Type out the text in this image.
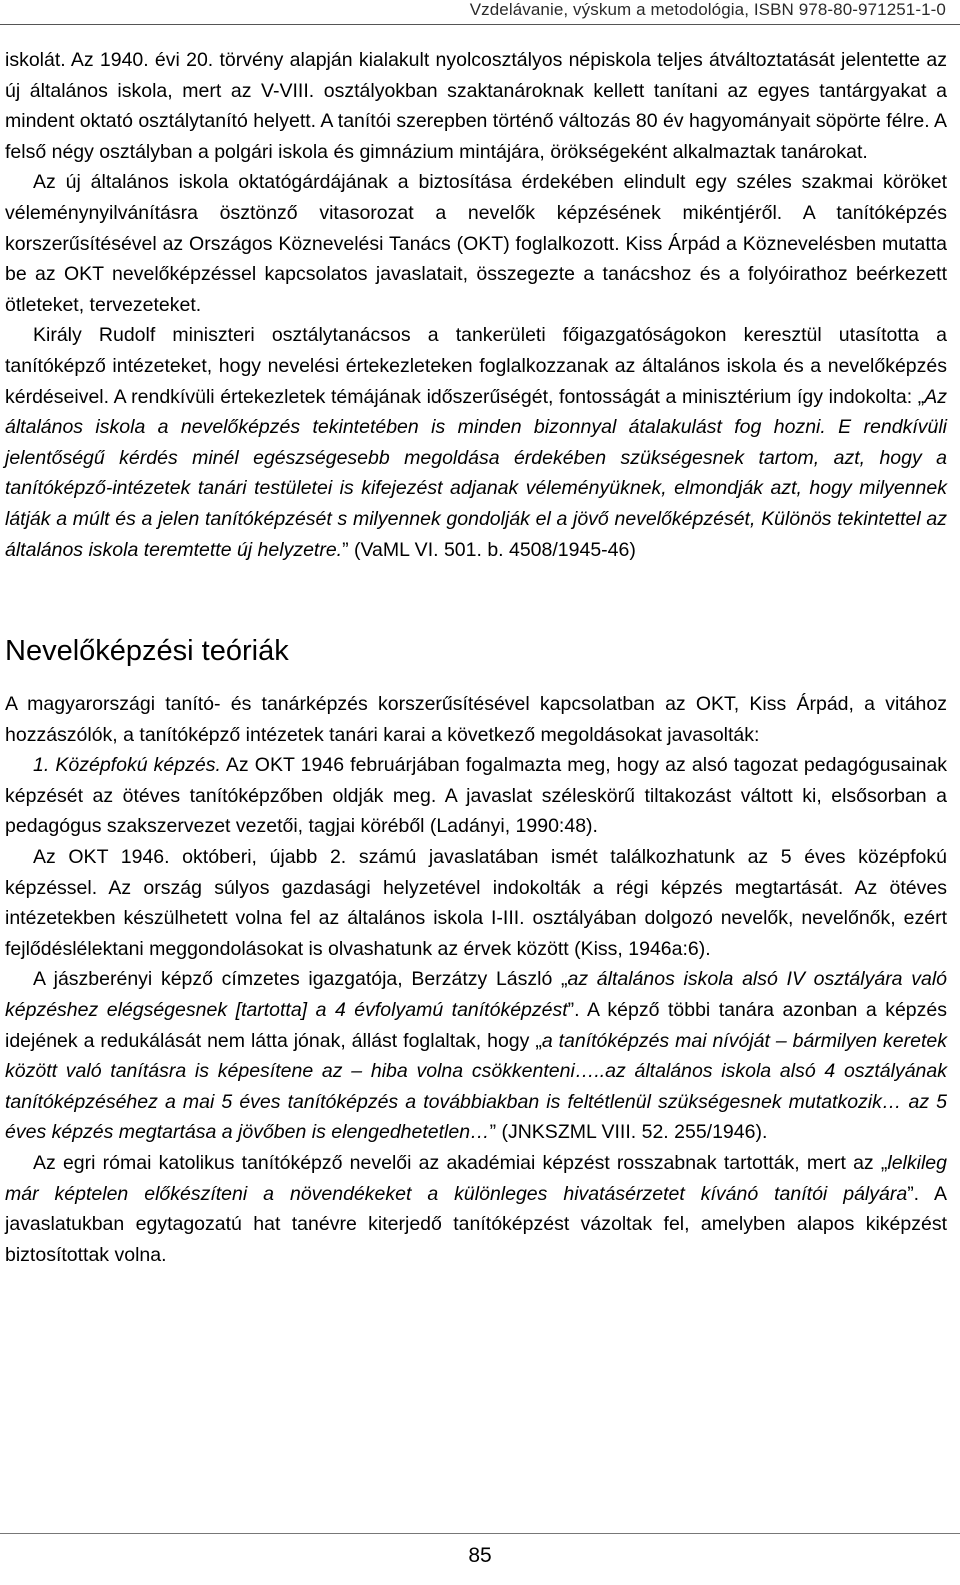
Vzdelávanie, výskum a metodológia, ISBN 978-80-971251-1-0

iskolát. Az 1940. évi 20. törvény alapján kialakult nyolcosztályos népiskola teljes átváltoztatását jelentette az új általános iskola, mert az V-VIII. osztályokban szaktanároknak kellett tanítani az egyes tantárgyakat a mindent oktató osztálytanító helyett. A tanítói szerepben történő változás 80 év hagyományait söpörte félre. A felső négy osztályban a polgári iskola és gimnázium mintájára, örökségeként alkalmaztak tanárokat.

Az új általános iskola oktatógárdájának a biztosítása érdekében elindult egy széles szakmai köröket véleménynyilvánításra ösztönző vitasorozat a nevelők képzésének mikéntjéről. A tanítóképzés korszerűsítésével az Országos Köznevelési Tanács (OKT) foglalkozott. Kiss Árpád a Köznevelésben mutatta be az OKT nevelőképzéssel kapcsolatos javaslatait, összegezte a tanácshoz és a folyóirathoz beérkezett ötleteket, tervezeteket.

Király Rudolf miniszteri osztálytanácsos a tankerületi főigazgatóságokon keresztül utasította a tanítóképző intézeteket, hogy nevelési értekezleteken foglalkozzanak az általános iskola és a nevelőképzés kérdéseivel. A rendkívüli értekezletek témájának időszerűségét, fontosságát a minisztérium így indokolta: „Az általános iskola a nevelőképzés tekintetében is minden bizonnyal átalakulást fog hozni. E rendkívüli jelentőségű kérdés minél egészségesebb megoldása érdekében szükségesnek tartom, azt, hogy a tanítóképző-intézetek tanári testületei is kifejezést adjanak véleményüknek, elmondják azt, hogy milyennek látják a múlt és a jelen tanítóképzését s milyennek gondolják el a jövő nevelőképzését, Különös tekintettel az általános iskola teremtette új helyzetre.” (VaML VI. 501. b. 4508/1945-46)

Nevelőképzési teóriák

A magyarországi tanító- és tanárképzés korszerűsítésével kapcsolatban az OKT, Kiss Árpád, a vitához hozzászólók, a tanítóképző intézetek tanári karai a következő megoldásokat javasolták:

1. Középfokú képzés. Az OKT 1946 februárjában fogalmazta meg, hogy az alsó tagozat pedagógusainak képzését az ötéves tanítóképzőben oldják meg. A javaslat széleskörű tiltakozást váltott ki, elsősorban a pedagógus szakszervezet vezetői, tagjai köréből (Ladányi, 1990:48).

Az OKT 1946. októberi, újabb 2. számú javaslatában ismét találkozhatunk az 5 éves középfokú képzéssel. Az ország súlyos gazdasági helyzetével indokolták a régi képzés megtartását. Az ötéves intézetekben készülhetett volna fel az általános iskola I-III. osztályában dolgozó nevelők, nevelőnők, ezért fejlődéslélektani meggondolásokat is olvashatunk az érvek között (Kiss, 1946a:6).

A jászberényi képző címzetes igazgatója, Berzátzy László „az általános iskola alsó IV osztályára való képzéshez elégségesnek [tartotta] a 4 évfolyamú tanítóképzést”. A képző többi tanára azonban a képzés idejének a redukálását nem látta jónak, állást foglaltak, hogy „a tanítóképzés mai nívóját – bármilyen keretek között való tanításra is képesítene az – hiba volna csökkenteni…..az általános iskola alsó 4 osztályának tanítóképzéséhez a mai 5 éves tanítóképzés a továbbiakban is feltétlenül szükségesnek mutatkozik… az 5 éves képzés megtartása a jövőben is elengedhetetlen…” (JNKSZML VIII. 52. 255/1946).

Az egri római katolikus tanítóképző nevelői az akadémiai képzést rosszabnak tartották, mert az „lelkileg már képtelen előkészíteni a növendékeket a különleges hivatásérzetet kívánó tanítói pályára”. A javaslatukban egytagozatú hat tanévre kiterjedő tanítóképzést vázoltak fel, amelyben alapos kiképzést biztosítottak volna.

85
